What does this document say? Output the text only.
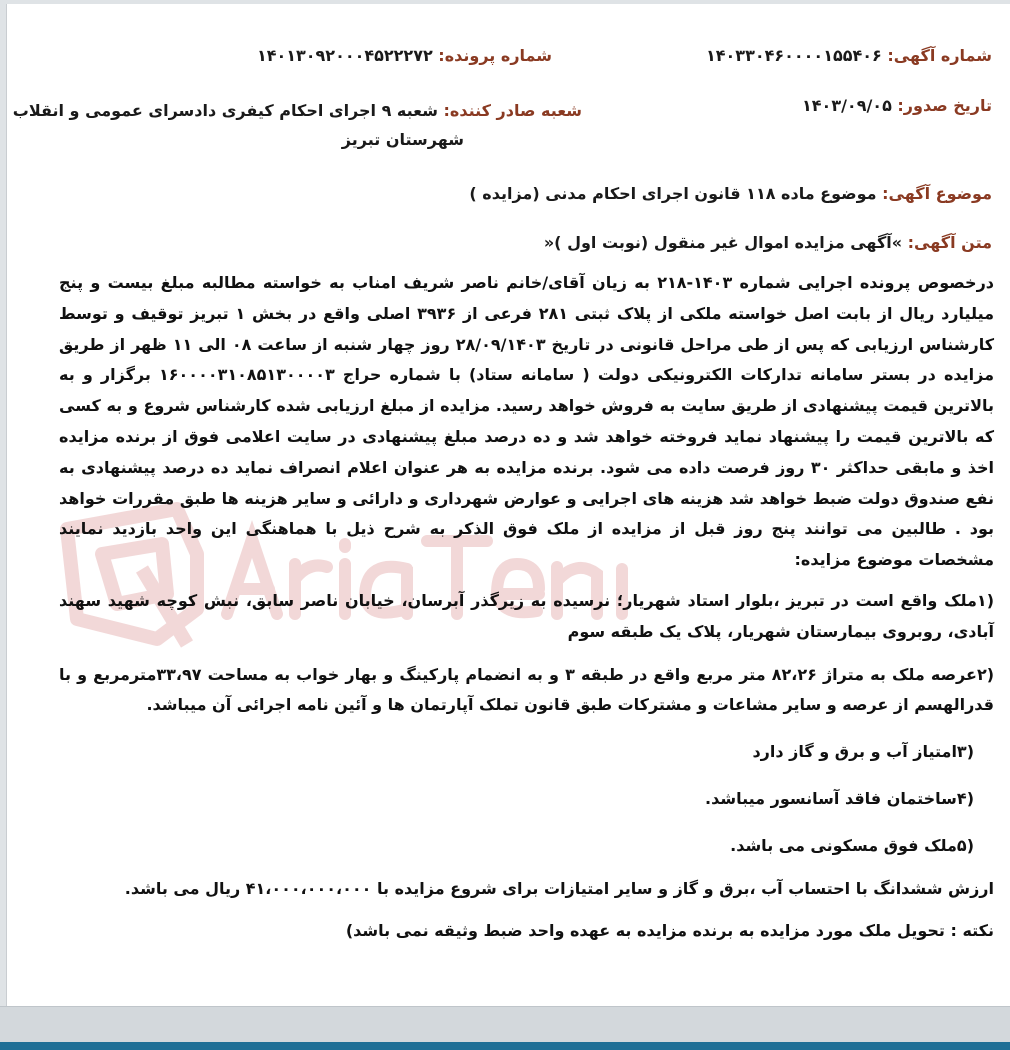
شماره آگهی: ۱۴۰۳۳۰۴۶۰۰۰۰۱۵۵۴۰۶
شماره پرونده: ۱۴۰۱۳۰۹۲۰۰۰۴۵۲۲۲۷۲
تاریخ صدور: ۱۴۰۳/۰۹/۰۵
شعبه صادر کننده: شعبه ۹ اجرای احکام کیفری دادسرای عمومی و انقلاب
شهرستان تبریز
موضوع آگهی: موضوع ماده ۱۱۸ قانون اجرای احکام مدنی (مزایده )
متن آگهی: »آگهی مزایده اموال غیر منقول (نوبت اول )«

درخصوص پرونده اجرایی شماره ۱۴۰۳-۲۱۸ به زیان آقای/خانم ناصر شریف امناب به خواسته مطالبه مبلغ بیست و پنج میلیارد ریال از بابت اصل خواسته ملکی از پلاک ثبتی ۲۸۱ فرعی از ۳۹۳۶ اصلی واقع در بخش ۱ تبریز توقیف و توسط کارشناس ارزیابی که پس از طی مراحل قانونی در تاریخ ۲۸/۰۹/۱۴۰۳ روز چهار شنبه از ساعت ۰۸ الی ۱۱ ظهر از طریق مزایده در بستر سامانه تدارکات الکترونیکی دولت ( سامانه ستاد) با شماره حراج ۱۶۰۰۰۰۳۱۰۸۵۱۳۰۰۰۰۳ برگزار و به بالاترین قیمت پیشنهادی از طریق سایت به فروش خواهد رسید. مزایده از مبلغ ارزیابی شده کارشناس شروع و به کسی که بالاترین قیمت را پیشنهاد نماید فروخته خواهد شد و ده درصد مبلغ پیشنهادی در سایت اعلامی فوق از برنده مزایده اخذ و مابقی حداکثر ۳۰ روز فرصت داده می شود. برنده مزایده به هر عنوان اعلام انصراف نماید ده درصد پیشنهادی به نفع صندوق دولت ضبط خواهد شد هزینه های اجرایی و عوارض شهرداری و دارائی و سایر هزینه ها طبق مقررات خواهد بود . طالبین می توانند پنج روز قبل از مزایده از ملک فوق الذکر به شرح ذیل با هماهنگی این واحد بازدید نمایند مشخصات موضوع مزایده:

(۱ملک واقع است در تبریز ،بلوار استاد شهریار؛ نرسیده به زیرگذر آبرسان، خیابان ناصر سابق، نبش کوچه شهید سهند آبادی، روبروی بیمارستان شهریار، پلاک یک طبقه سوم

(۲عرصه ملک به متراژ ۸۲،۲۶ متر مربع واقع در طبقه ۳ و به انضمام پارکینگ و بهار خواب به مساحت ۳۳،۹۷مترمربع و با قدرالهسم از عرصه و سایر مشاعات و مشترکات طبق قانون تملک آپارتمان ها و آئین نامه اجرائی آن میباشد.

(۳امتیاز آب و برق و گاز دارد

(۴ساختمان فاقد آسانسور میباشد.

(۵ملک فوق مسکونی می باشد.

ارزش ششدانگ با احتساب آب ،برق و گاز و سایر امتیازات برای شروع مزایده با ۴۱،۰۰۰،۰۰۰،۰۰۰ ریال می باشد.

نکته : تحویل ملک مورد مزایده به برنده مزایده به عهده واحد ضبط وثیقه نمی باشد)
